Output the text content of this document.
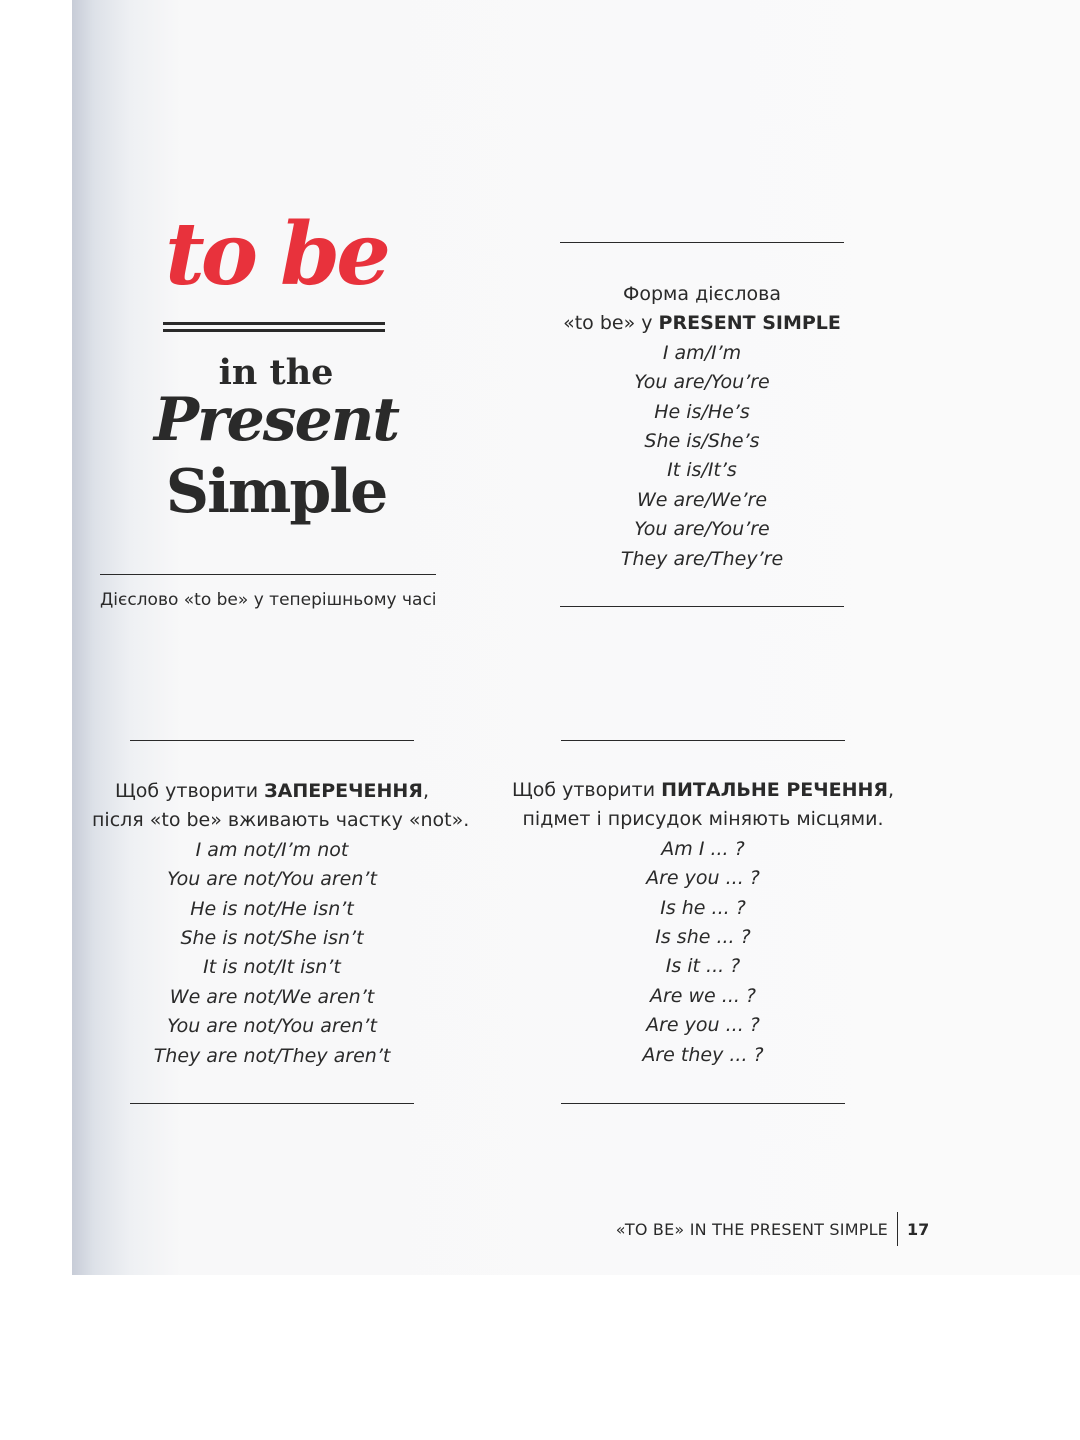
to be
in the
Present
Simple
Дієслово «to be» у теперішньому часі
Форма дієслова
«to be» у PRESENT SIMPLE
I am/I’m
You are/You’re
He is/He’s
She is/She’s
It is/It’s
We are/We’re
You are/You’re
They are/They’re
Щоб утворити ЗАПЕРЕЧЕННЯ,
після «to be» вживають частку «not».
I am not/I’m not
You are not/You aren’t
He is not/He isn’t
She is not/She isn’t
It is not/It isn’t
We are not/We aren’t
You are not/You aren’t
They are not/They aren’t
Щоб утворити ПИТАЛЬНЕ РЕЧЕННЯ,
підмет і присудок міняють місцями.
Am I ... ?
Are you ... ?
Is he ... ?
Is she ... ?
Is it ... ?
Are we ... ?
Are you ... ?
Are they ... ?
«TO BE» IN THE PRESENT SIMPLE 17
